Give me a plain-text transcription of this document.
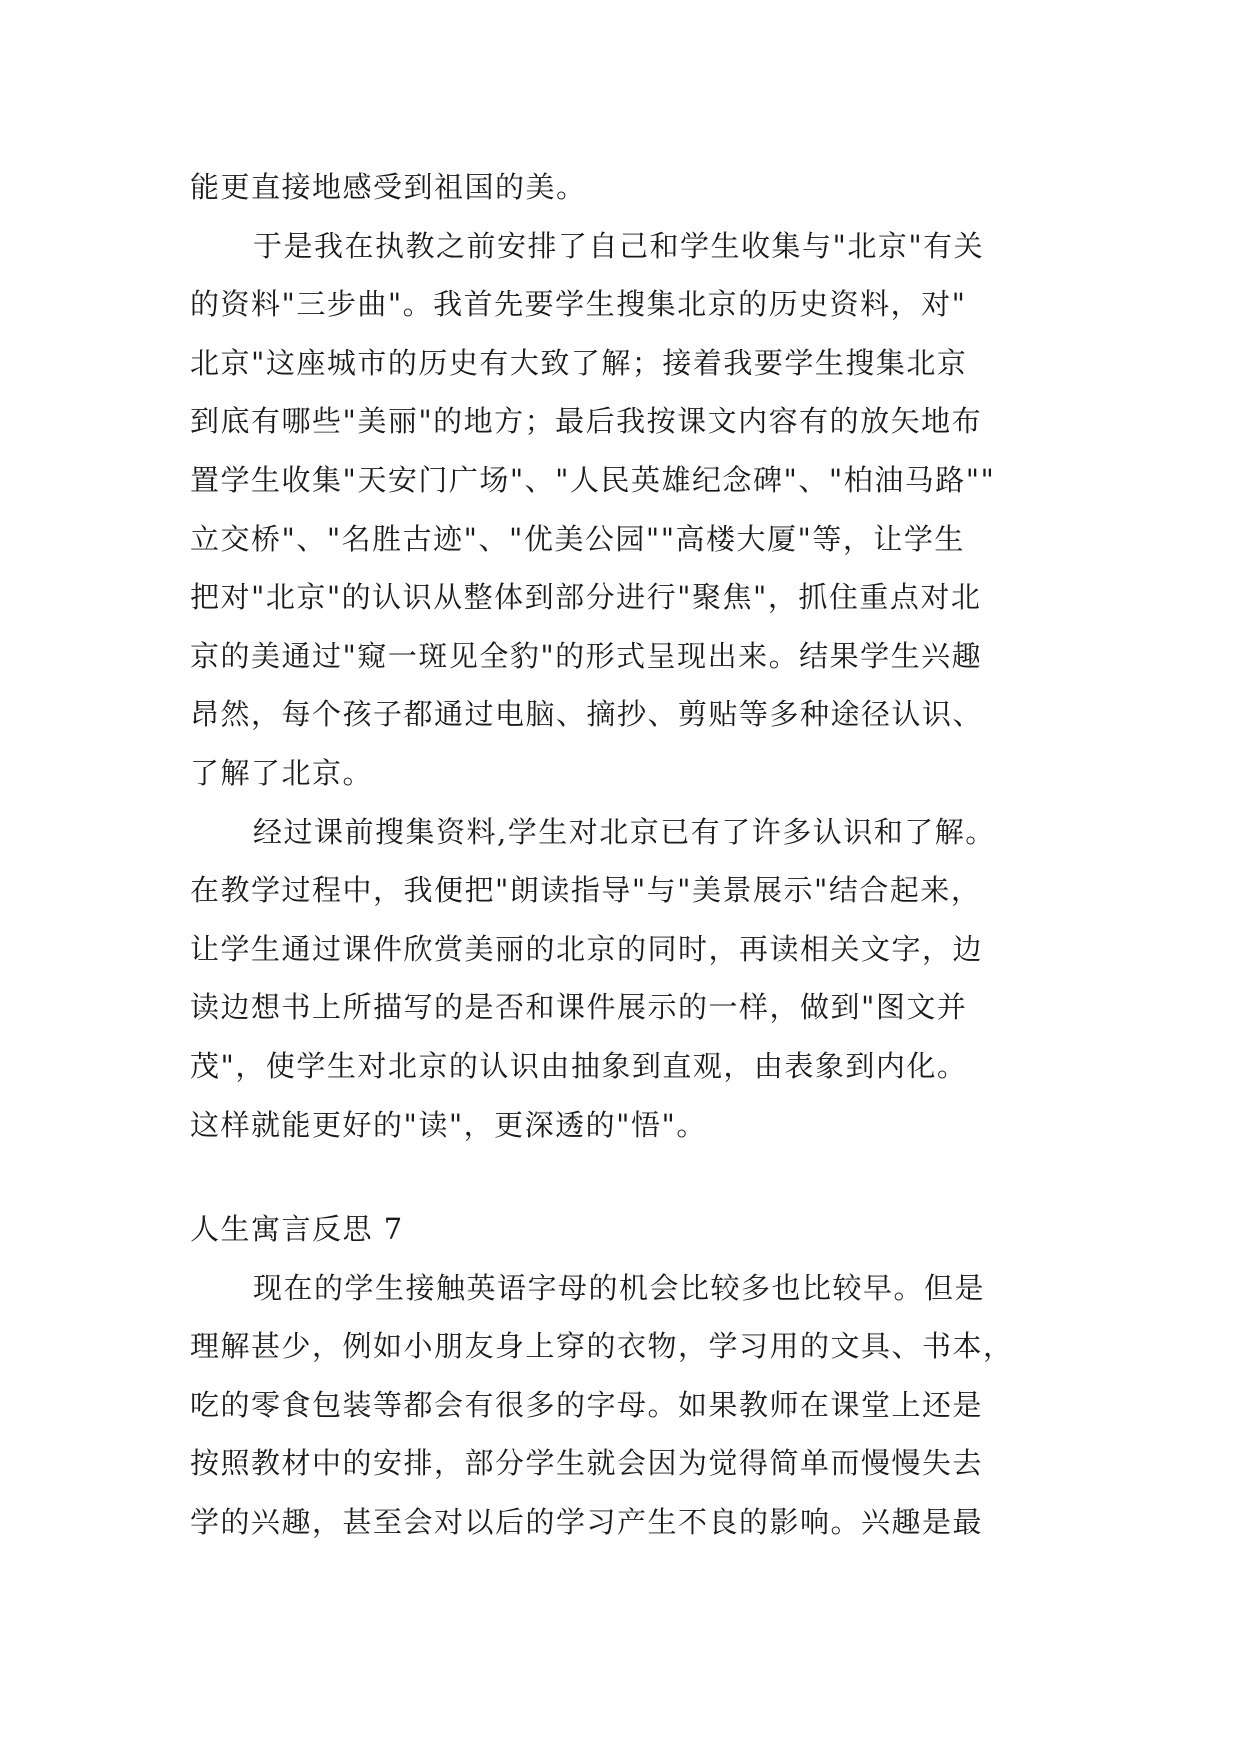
能更直接地感受到祖国的美。
于是我在执教之前安排了自己和学生收集与"北京"有关
的资料"三步曲"。我首先要学生搜集北京的历史资料，对"
北京"这座城市的历史有大致了解；接着我要学生搜集北京
到底有哪些"美丽"的地方；最后我按课文内容有的放矢地布
置学生收集"天安门广场"、"人民英雄纪念碑"、"柏油马路""
立交桥"、"名胜古迹"、"优美公园""高楼大厦"等，让学生
把对"北京"的认识从整体到部分进行"聚焦"，抓住重点对北
京的美通过"窥一斑见全豹"的形式呈现出来。结果学生兴趣
昂然，每个孩子都通过电脑、摘抄、剪贴等多种途径认识、
了解了北京。
经过课前搜集资料,学生对北京已有了许多认识和了解。
在教学过程中，我便把"朗读指导"与"美景展示"结合起来，
让学生通过课件欣赏美丽的北京的同时，再读相关文字，边
读边想书上所描写的是否和课件展示的一样，做到"图文并
茂"，使学生对北京的认识由抽象到直观，由表象到内化。
这样就能更好的"读"，更深透的"悟"。
人生寓言反思 7
现在的学生接触英语字母的机会比较多也比较早。但是
理解甚少，例如小朋友身上穿的衣物，学习用的文具、书本，
吃的零食包装等都会有很多的字母。如果教师在课堂上还是
按照教材中的安排，部分学生就会因为觉得简单而慢慢失去
学的兴趣，甚至会对以后的学习产生不良的影响。兴趣是最
